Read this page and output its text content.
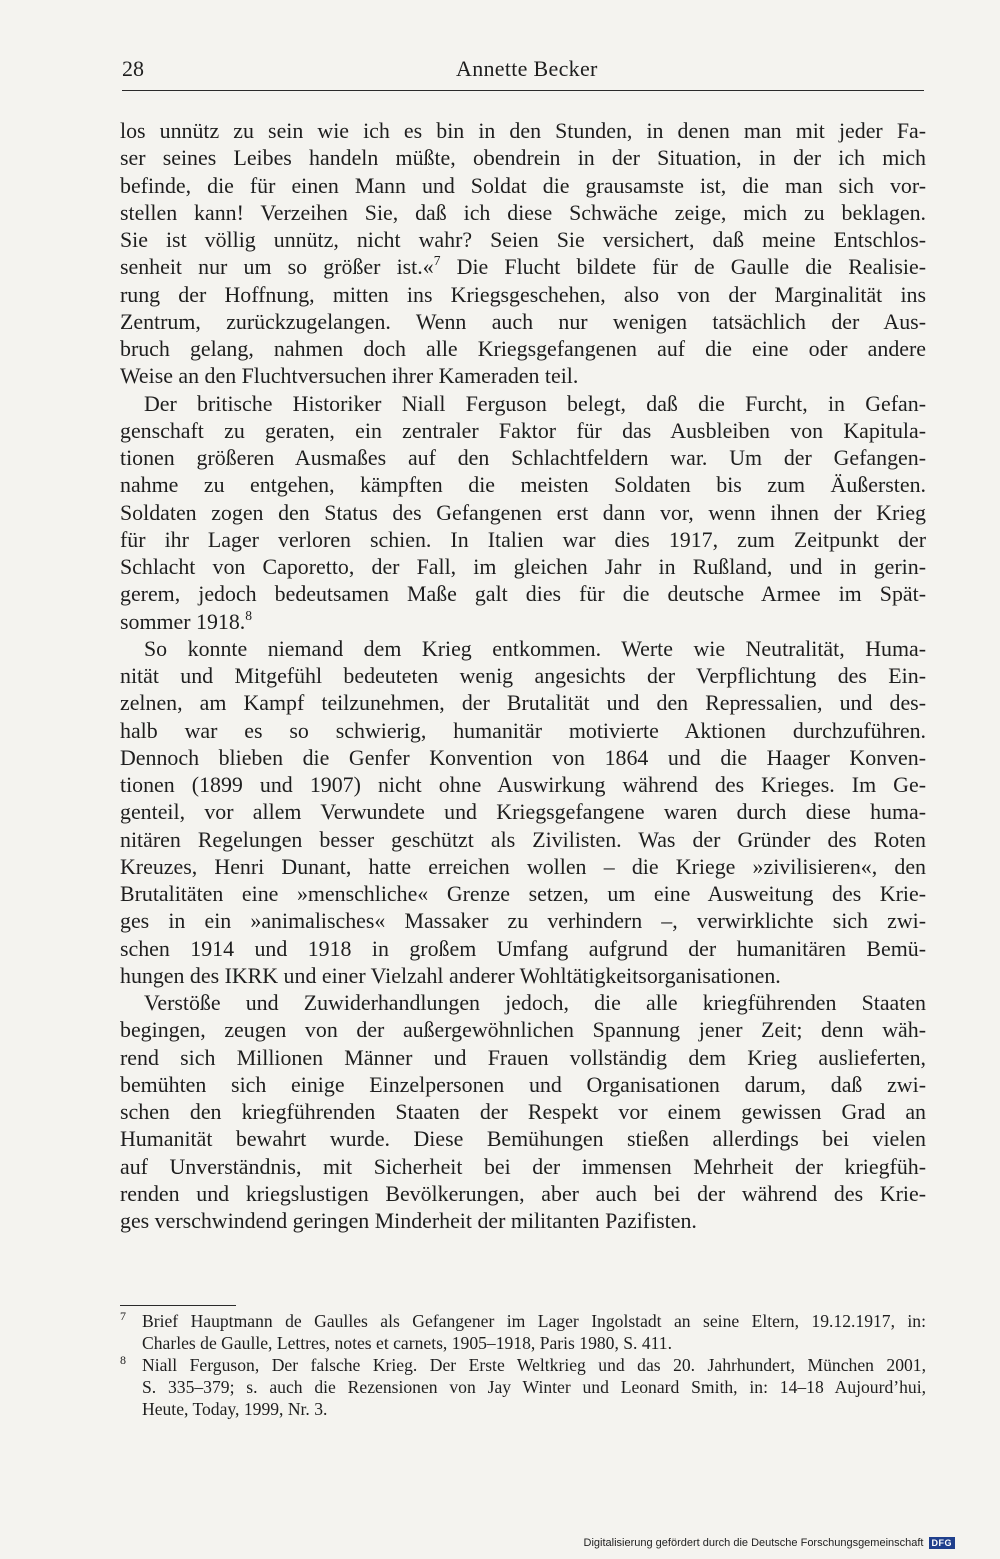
28	Annette Becker
los unnütz zu sein wie ich es bin in den Stunden, in denen man mit jeder Fa-
ser seines Leibes handeln müßte, obendrein in der Situation, in der ich mich
befinde, die für einen Mann und Soldat die grausamste ist, die man sich vor-
stellen kann! Verzeihen Sie, daß ich diese Schwäche zeige, mich zu beklagen.
Sie ist völlig unnütz, nicht wahr? Seien Sie versichert, daß meine Entschlos-
senheit nur um so größer ist.«$^7$ Die Flucht bildete für de Gaulle die Realisie-
rung der Hoffnung, mitten ins Kriegsgeschehen, also von der Marginalität ins
Zentrum, zurückzugelangen. Wenn auch nur wenigen tatsächlich der Aus-
bruch gelang, nahmen doch alle Kriegsgefangenen auf die eine oder andere
Weise an den Fluchtversuchen ihrer Kameraden teil.
Der britische Historiker Niall Ferguson belegt, daß die Furcht, in Gefan-
genschaft zu geraten, ein zentraler Faktor für das Ausbleiben von Kapitula-
tionen größeren Ausmaßes auf den Schlachtfeldern war. Um der Gefangen-
nahme zu entgehen, kämpften die meisten Soldaten bis zum Äußersten.
Soldaten zogen den Status des Gefangenen erst dann vor, wenn ihnen der Krieg
für ihr Lager verloren schien. In Italien war dies 1917, zum Zeitpunkt der
Schlacht von Caporetto, der Fall, im gleichen Jahr in Rußland, und in gerin-
gerem, jedoch bedeutsamen Maße galt dies für die deutsche Armee im Spät-
sommer 1918.$^8$
So konnte niemand dem Krieg entkommen. Werte wie Neutralität, Huma-
nität und Mitgefühl bedeuteten wenig angesichts der Verpflichtung des Ein-
zelnen, am Kampf teilzunehmen, der Brutalität und den Repressalien, und des-
halb war es so schwierig, humanitär motivierte Aktionen durchzuführen.
Dennoch blieben die Genfer Konvention von 1864 und die Haager Konven-
tionen (1899 und 1907) nicht ohne Auswirkung während des Krieges. Im Ge-
genteil, vor allem Verwundete und Kriegsgefangene waren durch diese huma-
nitären Regelungen besser geschützt als Zivilisten. Was der Gründer des Roten
Kreuzes, Henri Dunant, hatte erreichen wollen – die Kriege »zivilisieren«, den
Brutalitäten eine »menschliche« Grenze setzen, um eine Ausweitung des Krie-
ges in ein »animalisches« Massaker zu verhindern –, verwirklichte sich zwi-
schen 1914 und 1918 in großem Umfang aufgrund der humanitären Bemü-
hungen des IKRK und einer Vielzahl anderer Wohltätigkeitsorganisationen.
Verstöße und Zuwiderhandlungen jedoch, die alle kriegführenden Staaten
begingen, zeugen von der außergewöhnlichen Spannung jener Zeit; denn wäh-
rend sich Millionen Männer und Frauen vollständig dem Krieg auslieferten,
bemühten sich einige Einzelpersonen und Organisationen darum, daß zwi-
schen den kriegführenden Staaten der Respekt vor einem gewissen Grad an
Humanität bewahrt wurde. Diese Bemühungen stießen allerdings bei vielen
auf Unverständnis, mit Sicherheit bei der immensen Mehrheit der kriegfüh-
renden und kriegslustigen Bevölkerungen, aber auch bei der während des Krie-
ges verschwindend geringen Minderheit der militanten Pazifisten.
7 Brief Hauptmann de Gaulles als Gefangener im Lager Ingolstadt an seine Eltern, 19.12.1917, in:
Charles de Gaulle, Lettres, notes et carnets, 1905–1918, Paris 1980, S. 411.
8 Niall Ferguson, Der falsche Krieg. Der Erste Weltkrieg und das 20. Jahrhundert, München 2001,
S. 335–379; s. auch die Rezensionen von Jay Winter und Leonard Smith, in: 14–18 Aujourd’hui,
Heute, Today, 1999, Nr. 3.
Digitalisierung gefördert durch die Deutsche Forschungsgemeinschaft DFG
